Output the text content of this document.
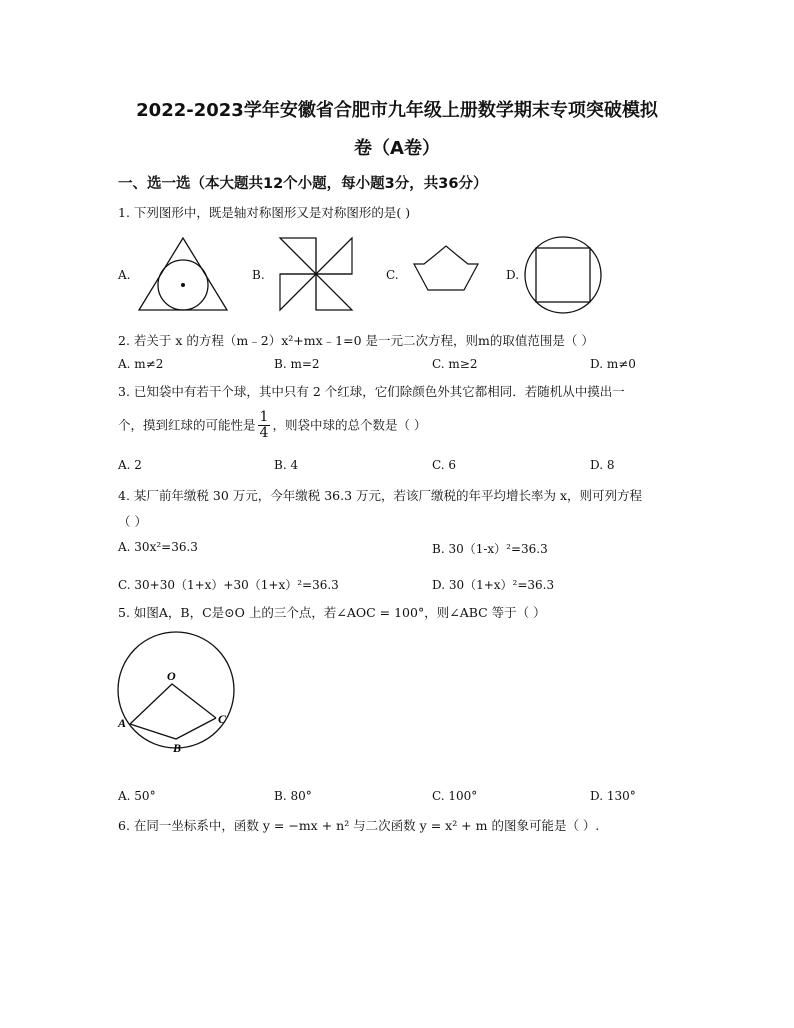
2022-2023学年安徽省合肥市九年级上册数学期末专项突破模拟
卷（A卷）
一、选一选（本大题共12个小题，每小题3分，共36分）
1. 下列图形中，既是轴对称图形又是对称图形的是( )
A.	B.	C.	D.
2. 若关于 x 的方程（m﹣2）x²+mx﹣1=0 是一元二次方程，则m的取值范围是（ ）
A. m≠2	B. m=2	C. m≥2	D. m≠0
3. 已知袋中有若干个球，其中只有 2 个红球，它们除颜色外其它都相同．若随机从中摸出一
个，摸到红球的可能性是 $\frac{1}{4}$ ，则袋中球的总个数是（ ）
A. 2	B. 4	C. 6	D. 8
4. 某厂前年缴税 30 万元，今年缴税 36.3 万元，若该厂缴税的年平均增长率为 x，则可列方程
（ ）
A. 30x²=36.3	B. 30（1-x）²=36.3
C. 30+30（1+x）+30（1+x）²=36.3	D. 30（1+x）²=36.3
5. 如图A，B，C是⊙O 上的三个点，若∠AOC = 100°，则∠ABC 等于（ ）
O
A
B
C
A. 50°	B. 80°	C. 100°	D. 130°
6. 在同一坐标系中，函数 y = −mx + n² 与二次函数 y = x² + m 的图象可能是（ ）.
